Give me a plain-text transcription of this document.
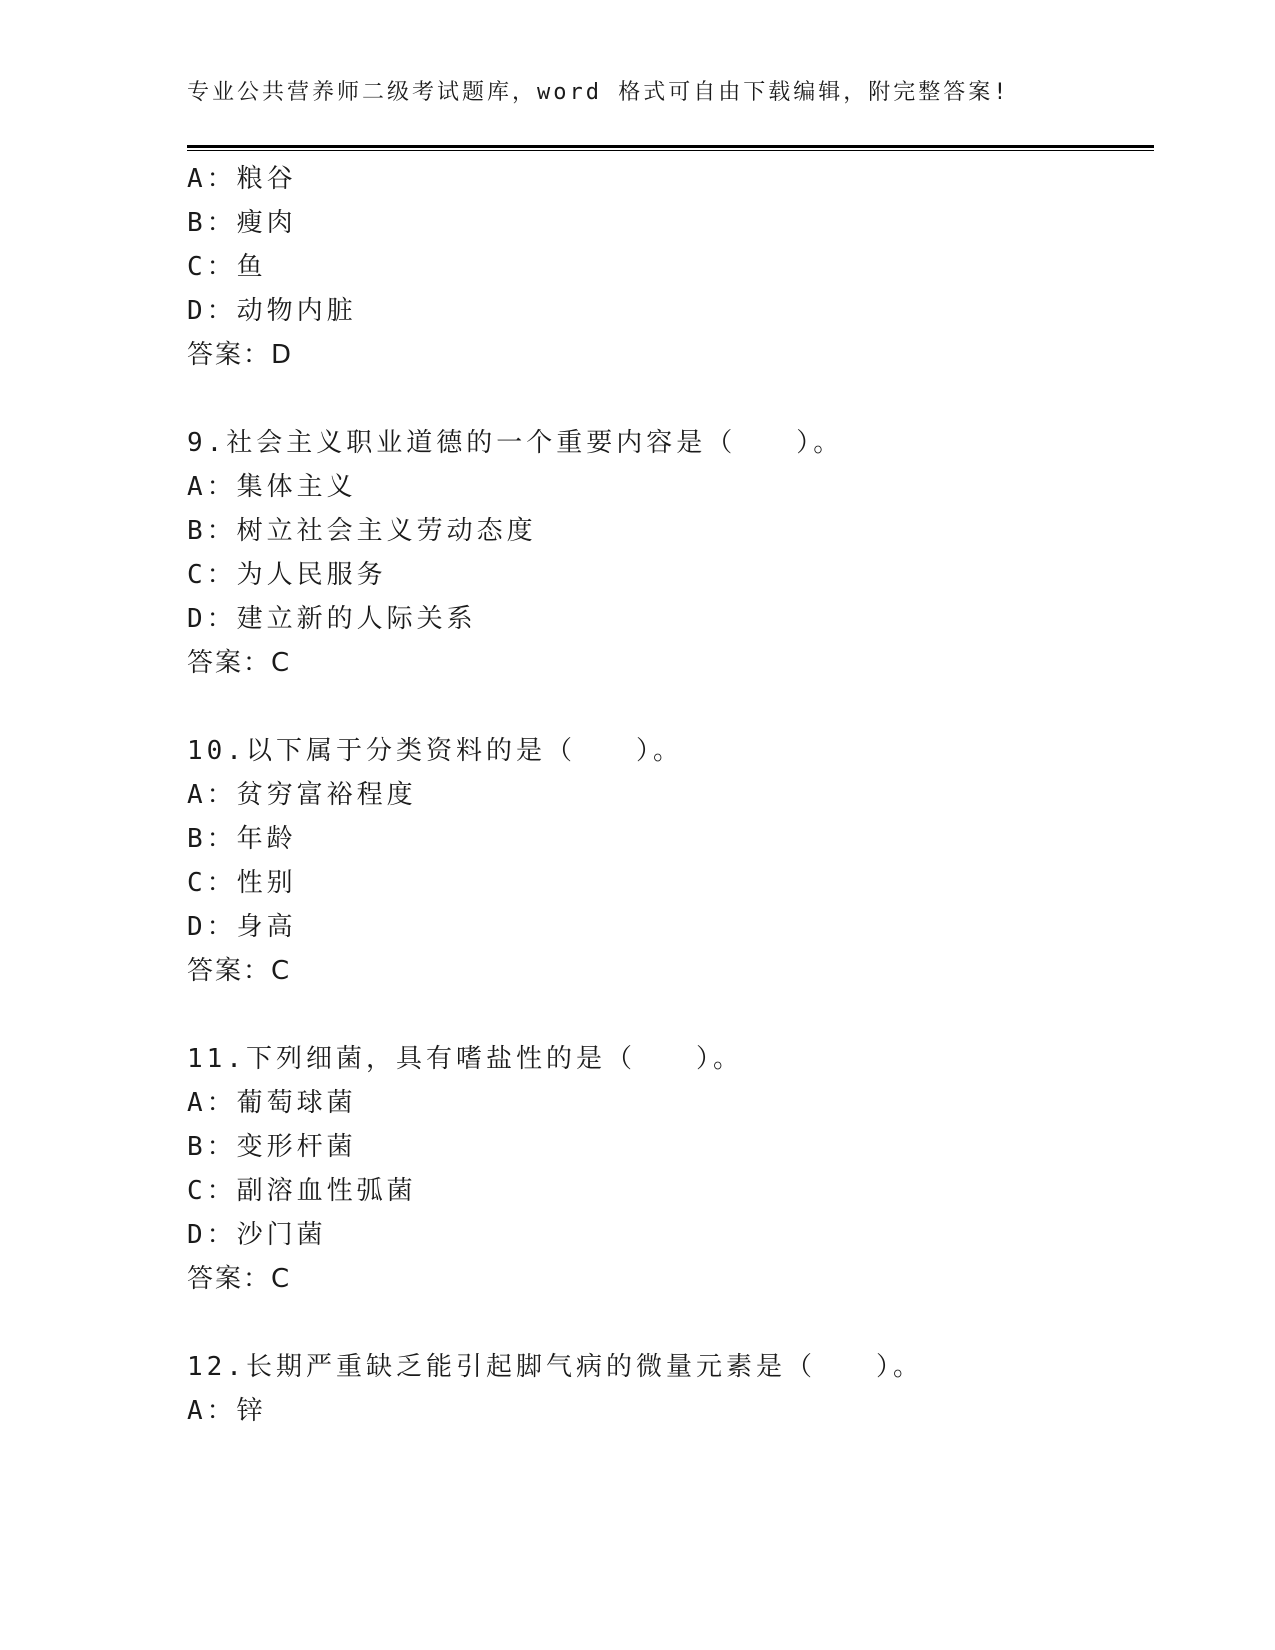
专业公共营养师二级考试题库，word 格式可自由下载编辑，附完整答案!
A：粮谷
B：瘦肉
C：鱼
D：动物内脏
答案：D
9.社会主义职业道德的一个重要内容是（　　）。
A：集体主义
B：树立社会主义劳动态度
C：为人民服务
D：建立新的人际关系
答案：C
10.以下属于分类资料的是（　　）。
A：贫穷富裕程度
B：年龄
C：性别
D：身高
答案：C
11.下列细菌，具有嗜盐性的是（　　）。
A：葡萄球菌
B：变形杆菌
C：副溶血性弧菌
D：沙门菌
答案：C
12.长期严重缺乏能引起脚气病的微量元素是（　　）。
A：锌
